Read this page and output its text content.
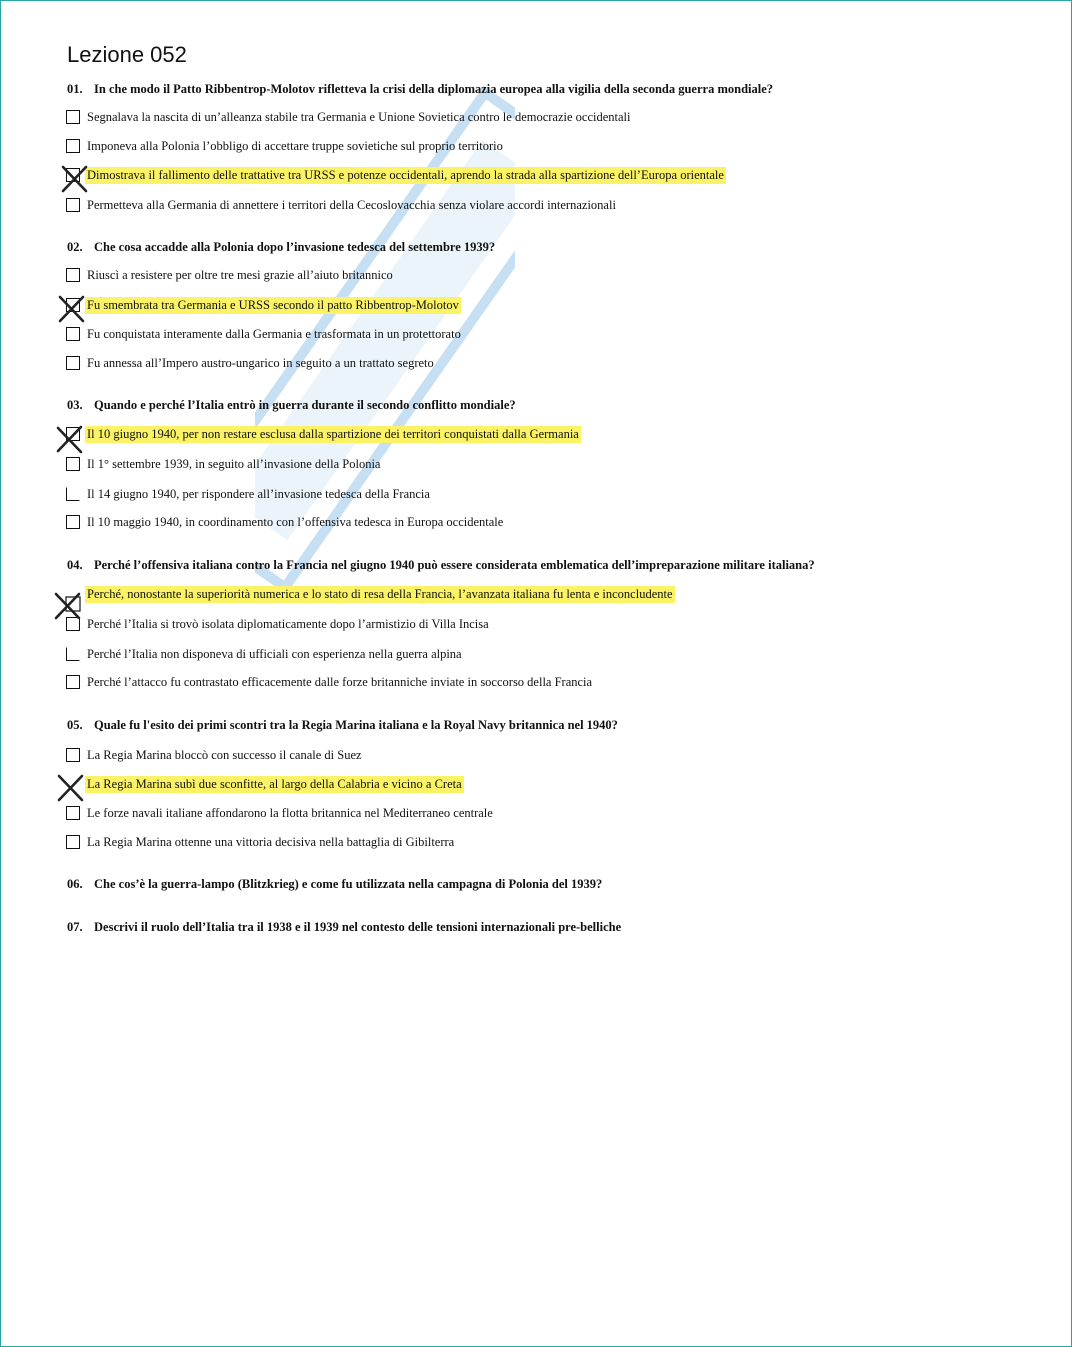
Lezione 052
01. In che modo il Patto Ribbentrop-Molotov rifletteva la crisi della diplomazia europea alla vigilia della seconda guerra mondiale?
Segnalava la nascita di un’alleanza stabile tra Germania e Unione Sovietica contro le democrazie occidentali
Imponeva alla Polonia l’obbligo di accettare truppe sovietiche sul proprio territorio
Dimostrava il fallimento delle trattative tra URSS e potenze occidentali, aprendo la strada alla spartizione dell’Europa orientale
Permetteva alla Germania di annettere i territori della Cecoslovacchia senza violare accordi internazionali
02. Che cosa accadde alla Polonia dopo l’invasione tedesca del settembre 1939?
Riuscì a resistere per oltre tre mesi grazie all’aiuto britannico
Fu smembrata tra Germania e URSS secondo il patto Ribbentrop-Molotov
Fu conquistata interamente dalla Germania e trasformata in un protettorato
Fu annessa all’Impero austro-ungarico in seguito a un trattato segreto
03. Quando e perché l’Italia entrò in guerra durante il secondo conflitto mondiale?
Il 10 giugno 1940, per non restare esclusa dalla spartizione dei territori conquistati dalla Germania
Il 1° settembre 1939, in seguito all’invasione della Polonia
Il 14 giugno 1940, per rispondere all’invasione tedesca della Francia
Il 10 maggio 1940, in coordinamento con l’offensiva tedesca in Europa occidentale
04. Perché l’offensiva italiana contro la Francia nel giugno 1940 può essere considerata emblematica dell’impreparazione militare italiana?
Perché, nonostante la superiorità numerica e lo stato di resa della Francia, l’avanzata italiana fu lenta e inconcludente
Perché l’Italia si trovò isolata diplomaticamente dopo l’armistizio di Villa Incisa
Perché l’Italia non disponeva di ufficiali con esperienza nella guerra alpina
Perché l’attacco fu contrastato efficacemente dalle forze britanniche inviate in soccorso della Francia
05. Quale fu l'esito dei primi scontri tra la Regia Marina italiana e la Royal Navy britannica nel 1940?
La Regia Marina bloccò con successo il canale di Suez
La Regia Marina subì due sconfitte, al largo della Calabria e vicino a Creta
Le forze navali italiane affondarono la flotta britannica nel Mediterraneo centrale
La Regia Marina ottenne una vittoria decisiva nella battaglia di Gibilterra
06. Che cos’è la guerra-lampo (Blitzkrieg) e come fu utilizzata nella campagna di Polonia del 1939?
07. Descrivi il ruolo dell’Italia tra il 1938 e il 1939 nel contesto delle tensioni internazionali pre-belliche
